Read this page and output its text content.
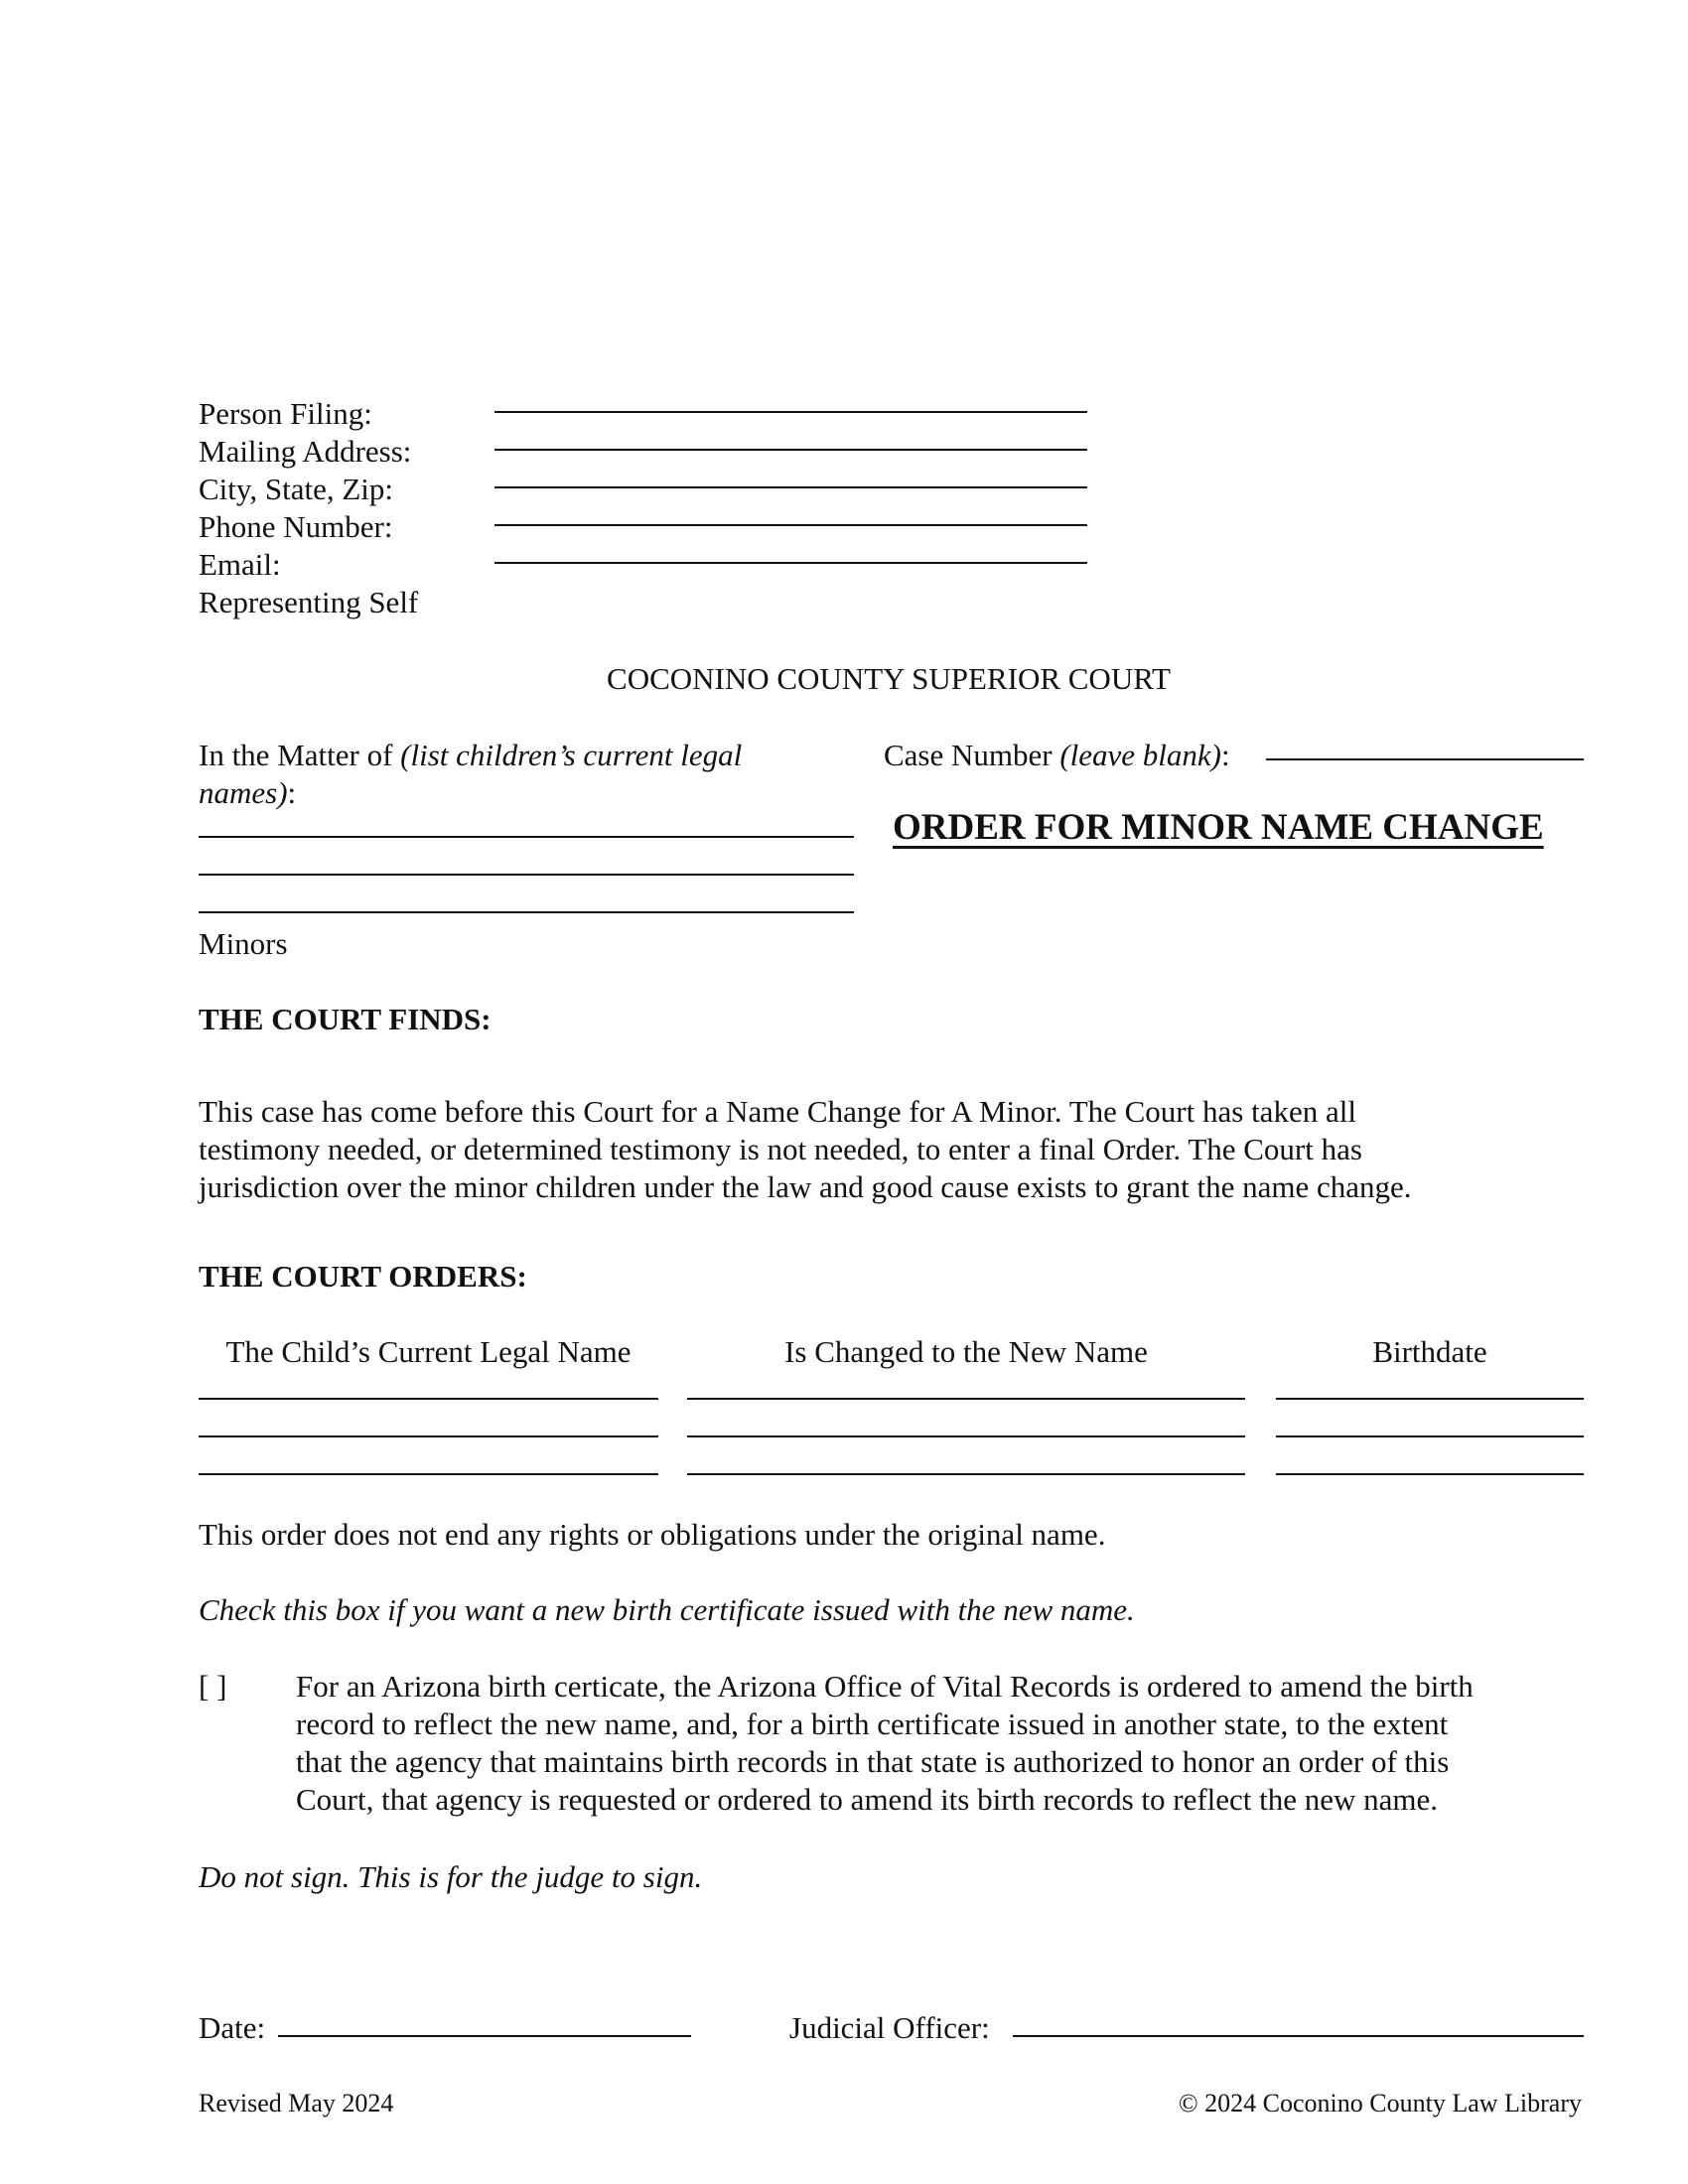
Person Filing:
Mailing Address:
City, State, Zip:
Phone Number:
Email:
Representing Self
COCONINO COUNTY SUPERIOR COURT
In the Matter of (list children’s current legal
names):
Minors
Case Number (leave blank):
ORDER FOR MINOR NAME CHANGE
THE COURT FINDS:
This case has come before this Court for a Name Change for A Minor. The Court has taken all
testimony needed, or determined testimony is not needed, to enter a final Order. The Court has
jurisdiction over the minor children under the law and good cause exists to grant the name change.
THE COURT ORDERS:
The Child’s Current Legal Name	Is Changed to the New Name	Birthdate
This order does not end any rights or obligations under the original name.
Check this box if you want a new birth certificate issued with the new name.
[ ] For an Arizona birth certicate, the Arizona Office of Vital Records is ordered to amend the birth
record to reflect the new name, and, for a birth certificate issued in another state, to the extent
that the agency that maintains birth records in that state is authorized to honor an order of this
Court, that agency is requested or ordered to amend its birth records to reflect the new name.
Do not sign. This is for the judge to sign.
Date:	Judicial Officer:
Revised May 2024	© 2024 Coconino County Law Library
